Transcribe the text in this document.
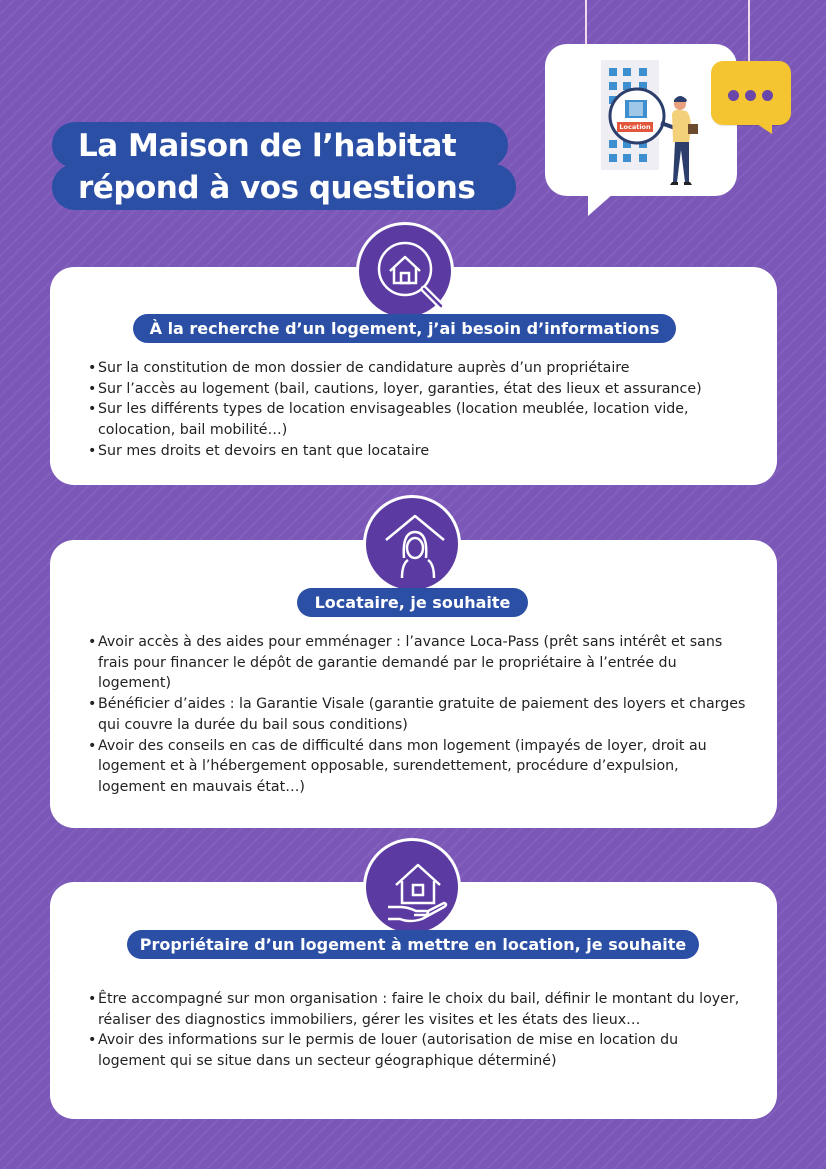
Location
La Maison de l’habitat
répond à vos questions
• Sur la constitution de mon dossier de candidature auprès d’un propriétaire
• Sur l’accès au logement (bail, cautions, loyer, garanties, état des lieux et assurance)
• Sur les différents types de location envisageables (location meublée, location vide, colocation, bail mobilité…)
• Sur mes droits et devoirs en tant que locataire
À la recherche d’un logement, j’ai besoin d’informations
• Avoir accès à des aides pour emménager : l’avance Loca-Pass (prêt sans intérêt et sans frais pour financer le dépôt de garantie demandé par le propriétaire à l’entrée du logement)
• Bénéficier d’aides : la Garantie Visale (garantie gratuite de paiement des loyers et charges qui couvre la durée du bail sous conditions)
• Avoir des conseils en cas de difficulté dans mon logement (impayés de loyer, droit au logement et à l’hébergement opposable, surendettement, procédure d’expulsion, logement en mauvais état…)
Locataire, je souhaite
• Être accompagné sur mon organisation : faire le choix du bail, définir le montant du loyer, réaliser des diagnostics immobiliers, gérer les visites et les états des lieux…
• Avoir des informations sur le permis de louer (autorisation de mise en location du logement qui se situe dans un secteur géographique déterminé)
Propriétaire d’un logement à mettre en location, je souhaite
